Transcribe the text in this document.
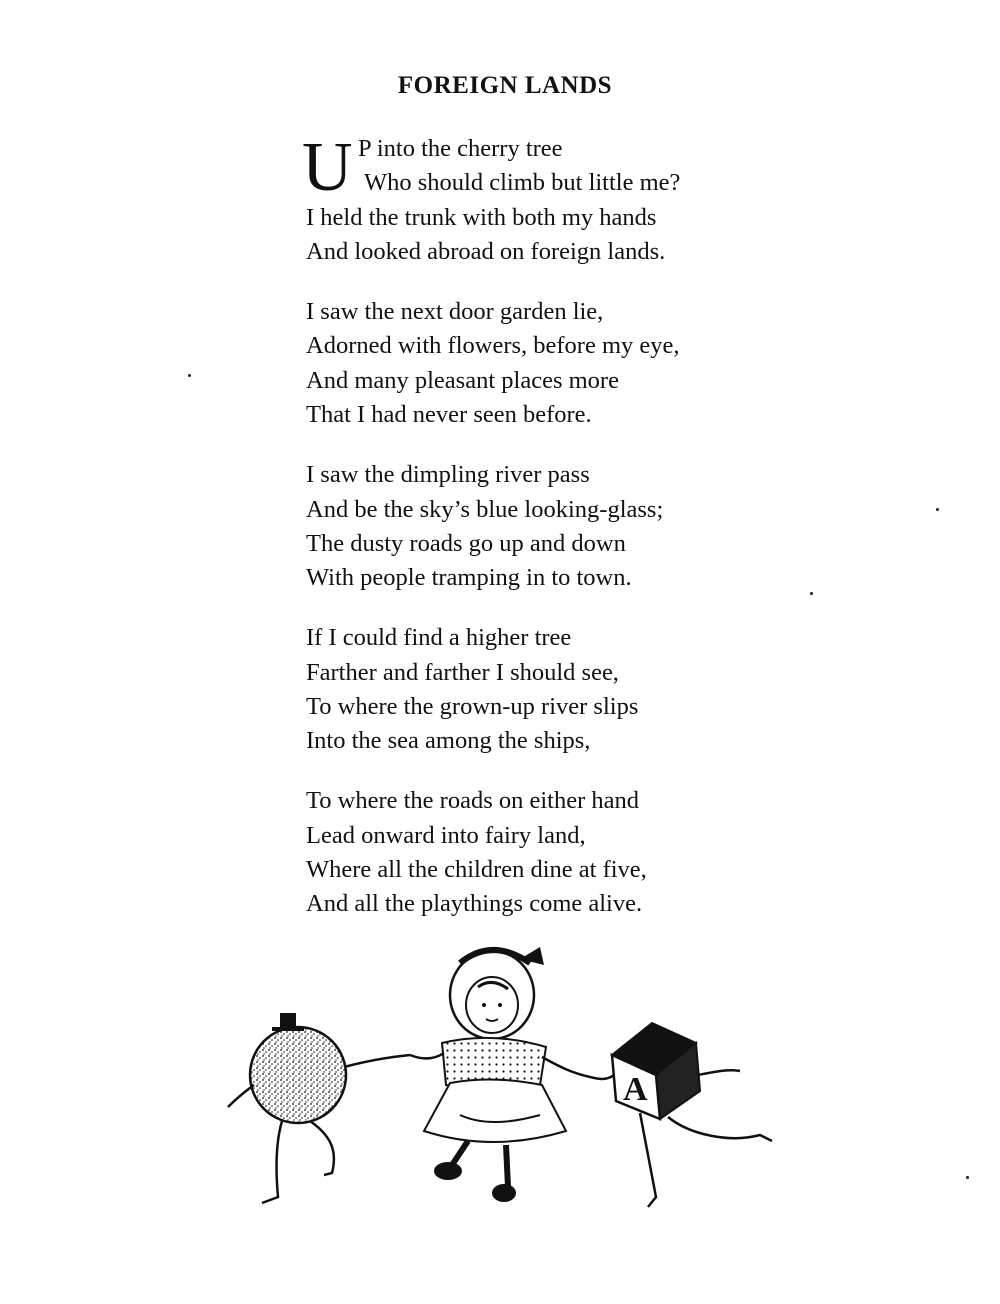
FOREIGN LANDS
U P into the cherry tree
Who should climb but little me?
I held the trunk with both my hands
And looked abroad on foreign lands.
I saw the next door garden lie,
Adorned with flowers, before my eye,
And many pleasant places more
That I had never seen before.
I saw the dimpling river pass
And be the sky’s blue looking-glass;
The dusty roads go up and down
With people tramping in to town.
If I could find a higher tree
Farther and farther I should see,
To where the grown-up river slips
Into the sea among the ships,
To where the roads on either hand
Lead onward into fairy land,
Where all the children dine at five,
And all the playthings come alive.
A
